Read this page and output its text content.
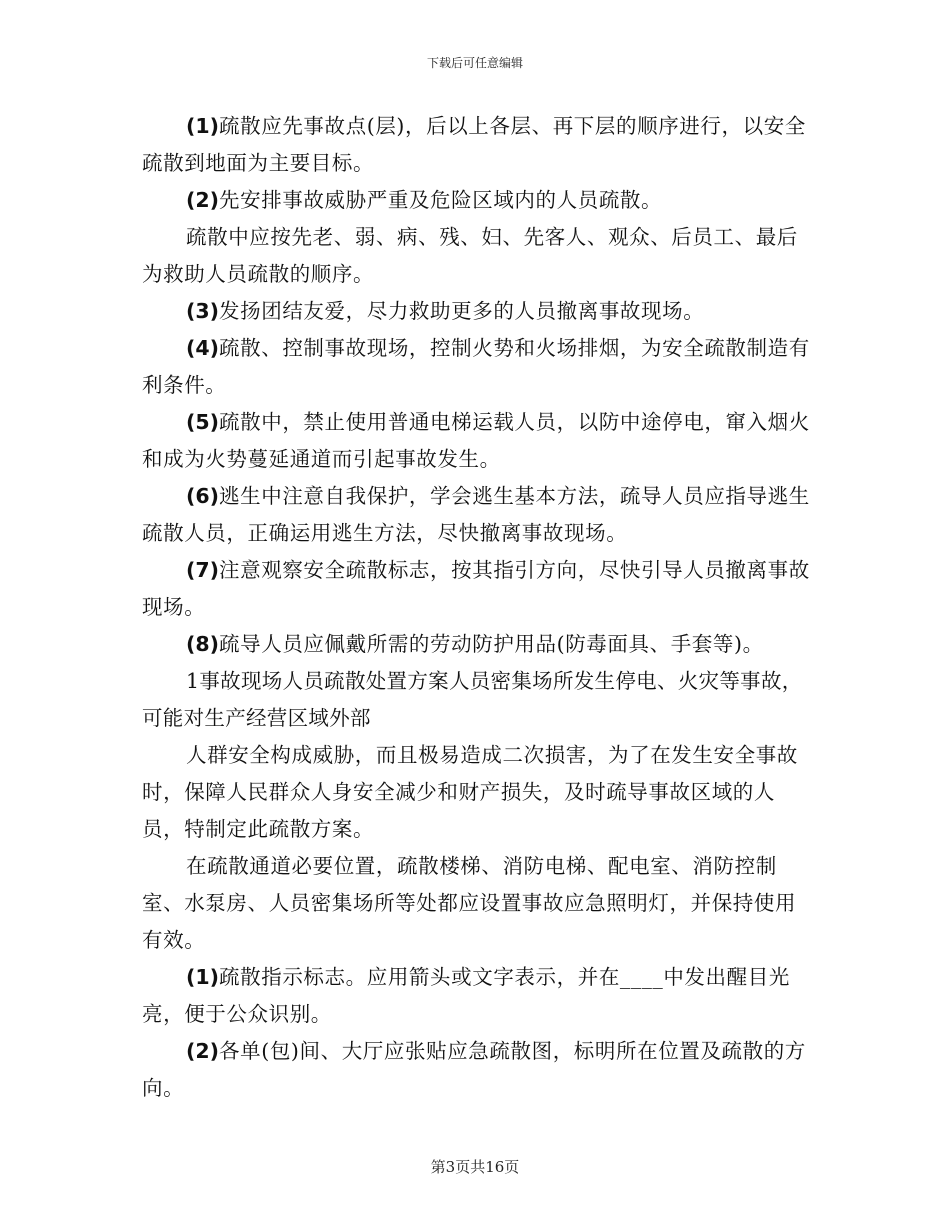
下载后可任意编辑

(1)疏散应先事故点(层)，后以上各层、再下层的顺序进行，以安全疏散到地面为主要目标。

(2)先安排事故威胁严重及危险区域内的人员疏散。

疏散中应按先老、弱、病、残、妇、先客人、观众、后员工、最后为救助人员疏散的顺序。

(3)发扬团结友爱，尽力救助更多的人员撤离事故现场。

(4)疏散、控制事故现场，控制火势和火场排烟，为安全疏散制造有利条件。

(5)疏散中，禁止使用普通电梯运载人员，以防中途停电，窜入烟火和成为火势蔓延通道而引起事故发生。

(6)逃生中注意自我保护，学会逃生基本方法，疏导人员应指导逃生疏散人员，正确运用逃生方法，尽快撤离事故现场。

(7)注意观察安全疏散标志，按其指引方向，尽快引导人员撤离事故现场。

(8)疏导人员应佩戴所需的劳动防护用品(防毒面具、手套等)。

1事故现场人员疏散处置方案人员密集场所发生停电、火灾等事故，可能对生产经营区域外部

人群安全构成威胁，而且极易造成二次损害，为了在发生安全事故时，保障人民群众人身安全减少和财产损失，及时疏导事故区域的人员，特制定此疏散方案。

在疏散通道必要位置，疏散楼梯、消防电梯、配电室、消防控制室、水泵房、人员密集场所等处都应设置事故应急照明灯，并保持使用有效。

(1)疏散指示标志。应用箭头或文字表示，并在____中发出醒目光亮，便于公众识别。

(2)各单(包)间、大厅应张贴应急疏散图，标明所在位置及疏散的方向。

第3页共16页
